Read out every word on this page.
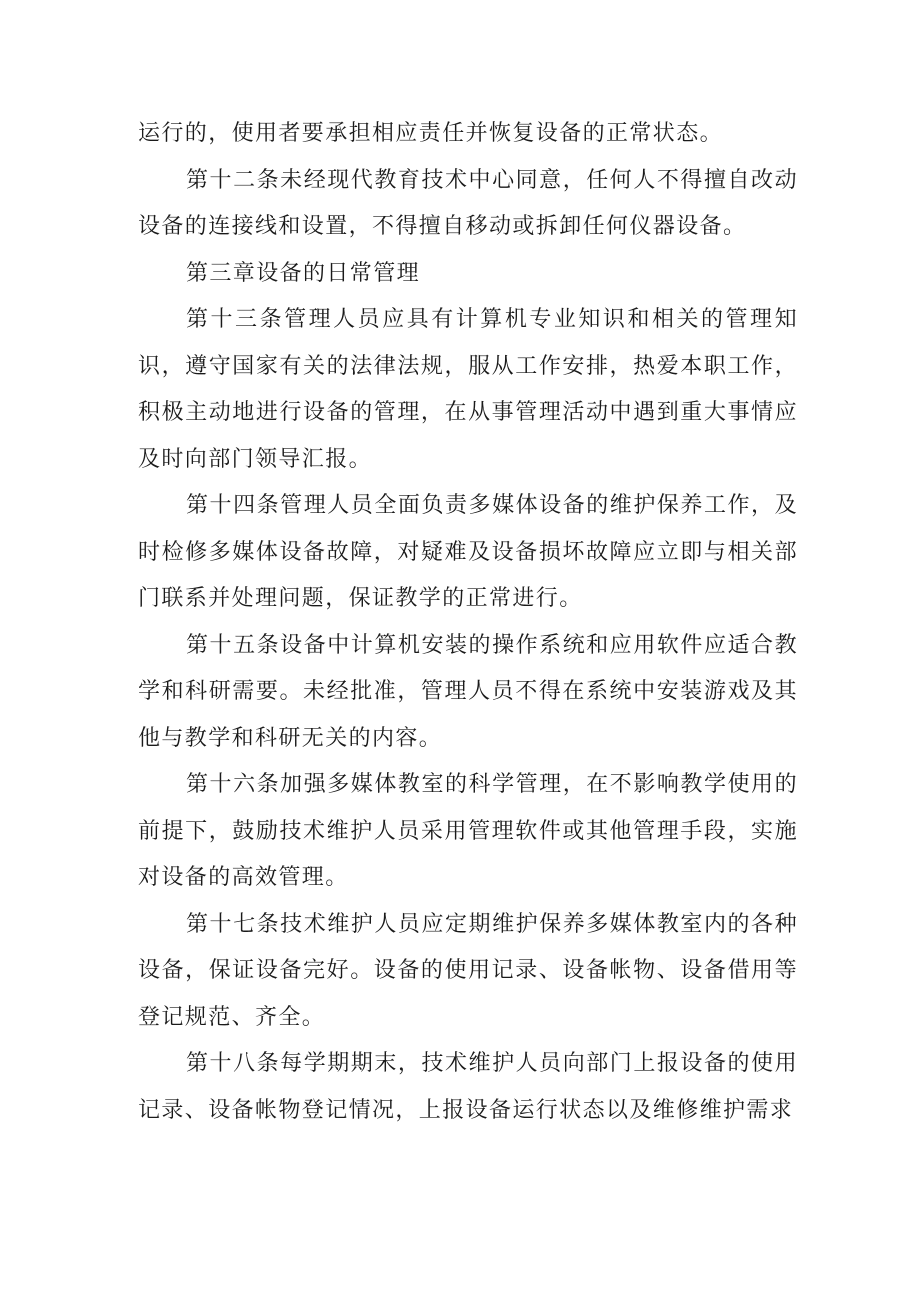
运行的，使用者要承担相应责任并恢复设备的正常状态。

第十二条未经现代教育技术中心同意，任何人不得擅自改动设备的连接线和设置，不得擅自移动或拆卸任何仪器设备。

第三章设备的日常管理

第十三条管理人员应具有计算机专业知识和相关的管理知识，遵守国家有关的法律法规，服从工作安排，热爱本职工作，积极主动地进行设备的管理，在从事管理活动中遇到重大事情应及时向部门领导汇报。

第十四条管理人员全面负责多媒体设备的维护保养工作，及时检修多媒体设备故障，对疑难及设备损坏故障应立即与相关部门联系并处理问题，保证教学的正常进行。

第十五条设备中计算机安装的操作系统和应用软件应适合教学和科研需要。未经批准，管理人员不得在系统中安装游戏及其他与教学和科研无关的内容。

第十六条加强多媒体教室的科学管理，在不影响教学使用的前提下，鼓励技术维护人员采用管理软件或其他管理手段，实施对设备的高效管理。

第十七条技术维护人员应定期维护保养多媒体教室内的各种设备，保证设备完好。设备的使用记录、设备帐物、设备借用等登记规范、齐全。

第十八条每学期期末，技术维护人员向部门上报设备的使用记录、设备帐物登记情况，上报设备运行状态以及维修维护需求
